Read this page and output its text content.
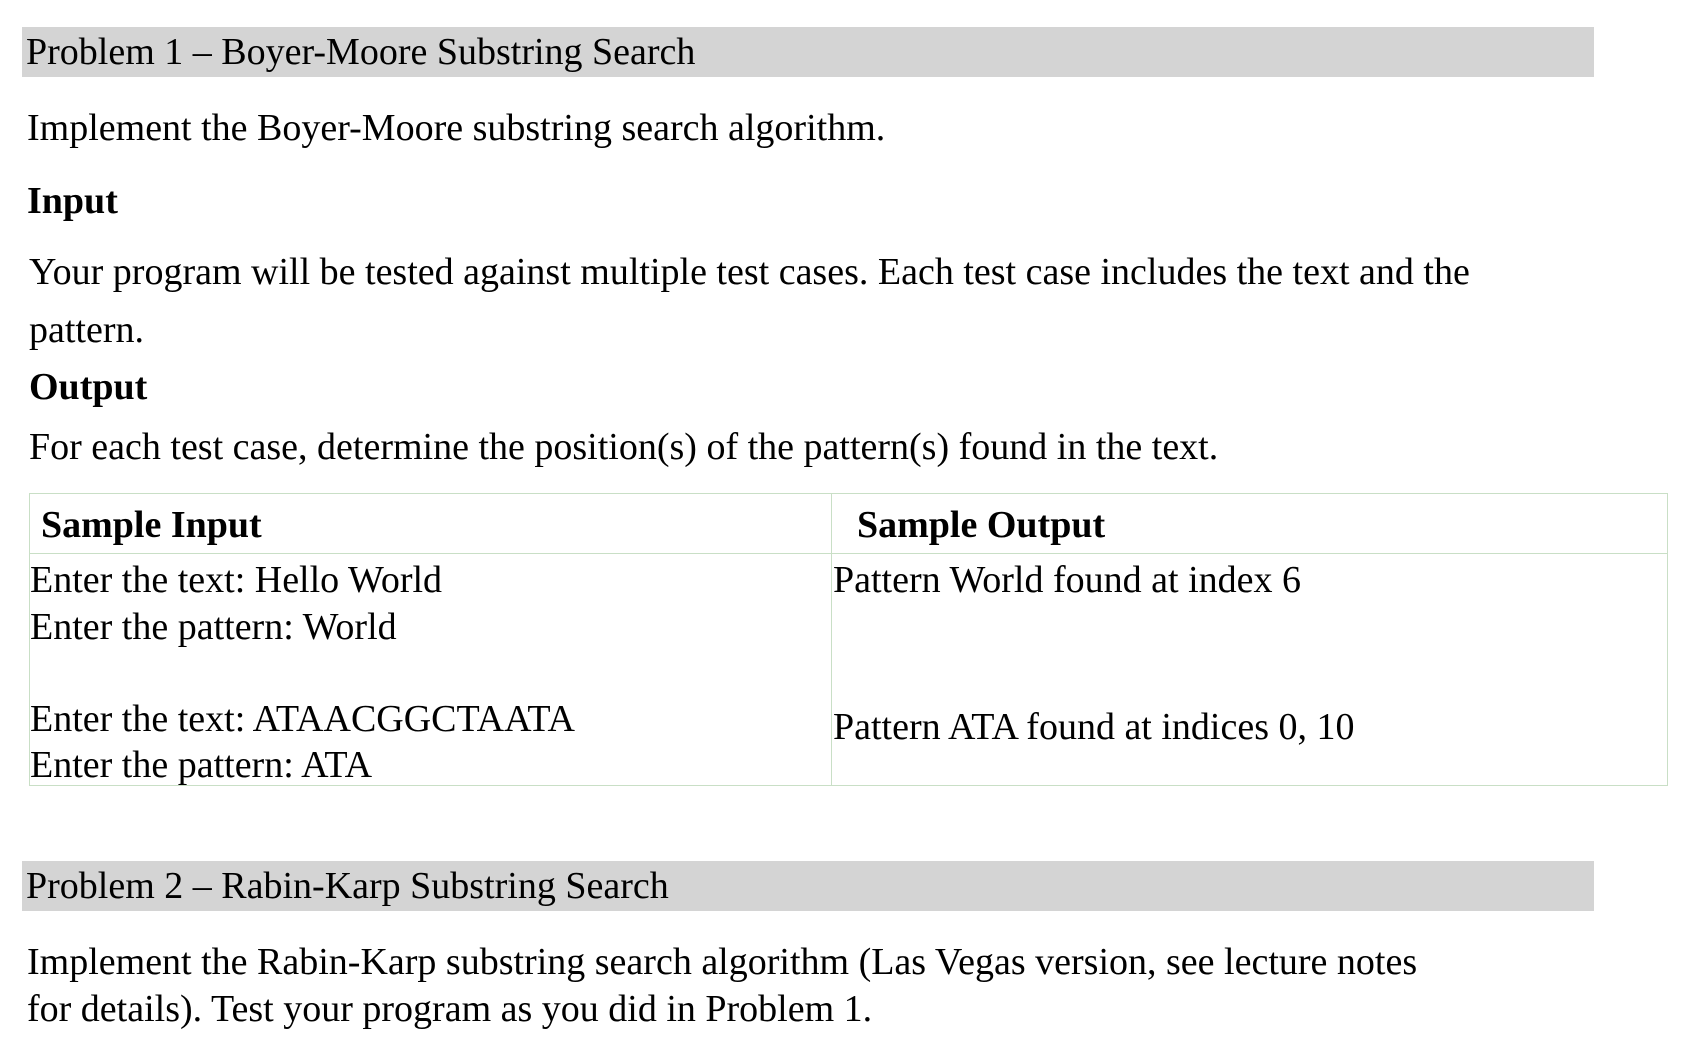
Problem 1 – Boyer-Moore Substring Search
Implement the Boyer-Moore substring search algorithm.
Input
Your program will be tested against multiple test cases. Each test case includes the text and the
pattern.
Output
For each test case, determine the position(s) of the pattern(s) found in the text.
Sample Input	Sample Output
Enter the text: Hello World
Enter the pattern: World
Pattern World found at index 6
Enter the text: ATAACGGCTAATA
Enter the pattern: ATA
Pattern ATA found at indices 0, 10
Problem 2 – Rabin-Karp Substring Search
Implement the Rabin-Karp substring search algorithm (Las Vegas version, see lecture notes
for details). Test your program as you did in Problem 1.
